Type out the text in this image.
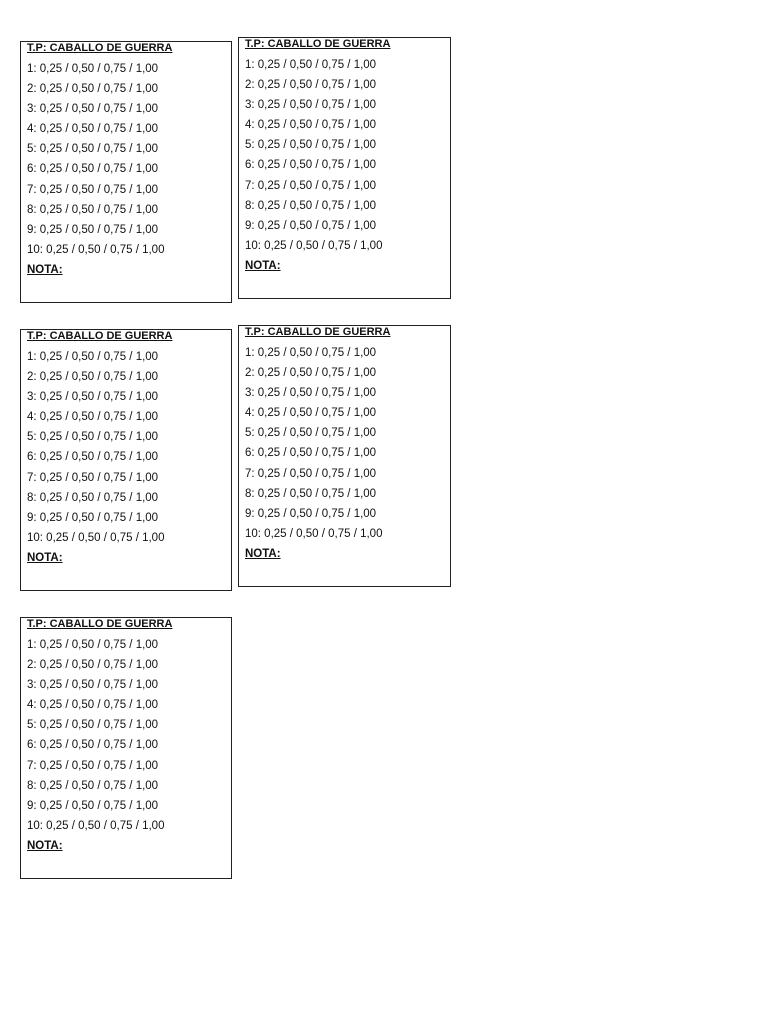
T.P: CABALLO DE GUERRA
1: 0,25 / 0,50 / 0,75 / 1,00
2: 0,25 / 0,50 / 0,75 / 1,00
3: 0,25 / 0,50 / 0,75 / 1,00
4: 0,25 / 0,50 / 0,75 / 1,00
5: 0,25 / 0,50 / 0,75 / 1,00
6: 0,25 / 0,50 / 0,75 / 1,00
7: 0,25 / 0,50 / 0,75 / 1,00
8: 0,25 / 0,50 / 0,75 / 1,00
9: 0,25 / 0,50 / 0,75 / 1,00
10: 0,25 / 0,50 / 0,75 / 1,00
NOTA:
T.P: CABALLO DE GUERRA
1: 0,25 / 0,50 / 0,75 / 1,00
2: 0,25 / 0,50 / 0,75 / 1,00
3: 0,25 / 0,50 / 0,75 / 1,00
4: 0,25 / 0,50 / 0,75 / 1,00
5: 0,25 / 0,50 / 0,75 / 1,00
6: 0,25 / 0,50 / 0,75 / 1,00
7: 0,25 / 0,50 / 0,75 / 1,00
8: 0,25 / 0,50 / 0,75 / 1,00
9: 0,25 / 0,50 / 0,75 / 1,00
10: 0,25 / 0,50 / 0,75 / 1,00
NOTA:
T.P: CABALLO DE GUERRA
1: 0,25 / 0,50 / 0,75 / 1,00
2: 0,25 / 0,50 / 0,75 / 1,00
3: 0,25 / 0,50 / 0,75 / 1,00
4: 0,25 / 0,50 / 0,75 / 1,00
5: 0,25 / 0,50 / 0,75 / 1,00
6: 0,25 / 0,50 / 0,75 / 1,00
7: 0,25 / 0,50 / 0,75 / 1,00
8: 0,25 / 0,50 / 0,75 / 1,00
9: 0,25 / 0,50 / 0,75 / 1,00
10: 0,25 / 0,50 / 0,75 / 1,00
NOTA:
T.P: CABALLO DE GUERRA
1: 0,25 / 0,50 / 0,75 / 1,00
2: 0,25 / 0,50 / 0,75 / 1,00
3: 0,25 / 0,50 / 0,75 / 1,00
4: 0,25 / 0,50 / 0,75 / 1,00
5: 0,25 / 0,50 / 0,75 / 1,00
6: 0,25 / 0,50 / 0,75 / 1,00
7: 0,25 / 0,50 / 0,75 / 1,00
8: 0,25 / 0,50 / 0,75 / 1,00
9: 0,25 / 0,50 / 0,75 / 1,00
10: 0,25 / 0,50 / 0,75 / 1,00
NOTA:
T.P: CABALLO DE GUERRA
1: 0,25 / 0,50 / 0,75 / 1,00
2: 0,25 / 0,50 / 0,75 / 1,00
3: 0,25 / 0,50 / 0,75 / 1,00
4: 0,25 / 0,50 / 0,75 / 1,00
5: 0,25 / 0,50 / 0,75 / 1,00
6: 0,25 / 0,50 / 0,75 / 1,00
7: 0,25 / 0,50 / 0,75 / 1,00
8: 0,25 / 0,50 / 0,75 / 1,00
9: 0,25 / 0,50 / 0,75 / 1,00
10: 0,25 / 0,50 / 0,75 / 1,00
NOTA:
